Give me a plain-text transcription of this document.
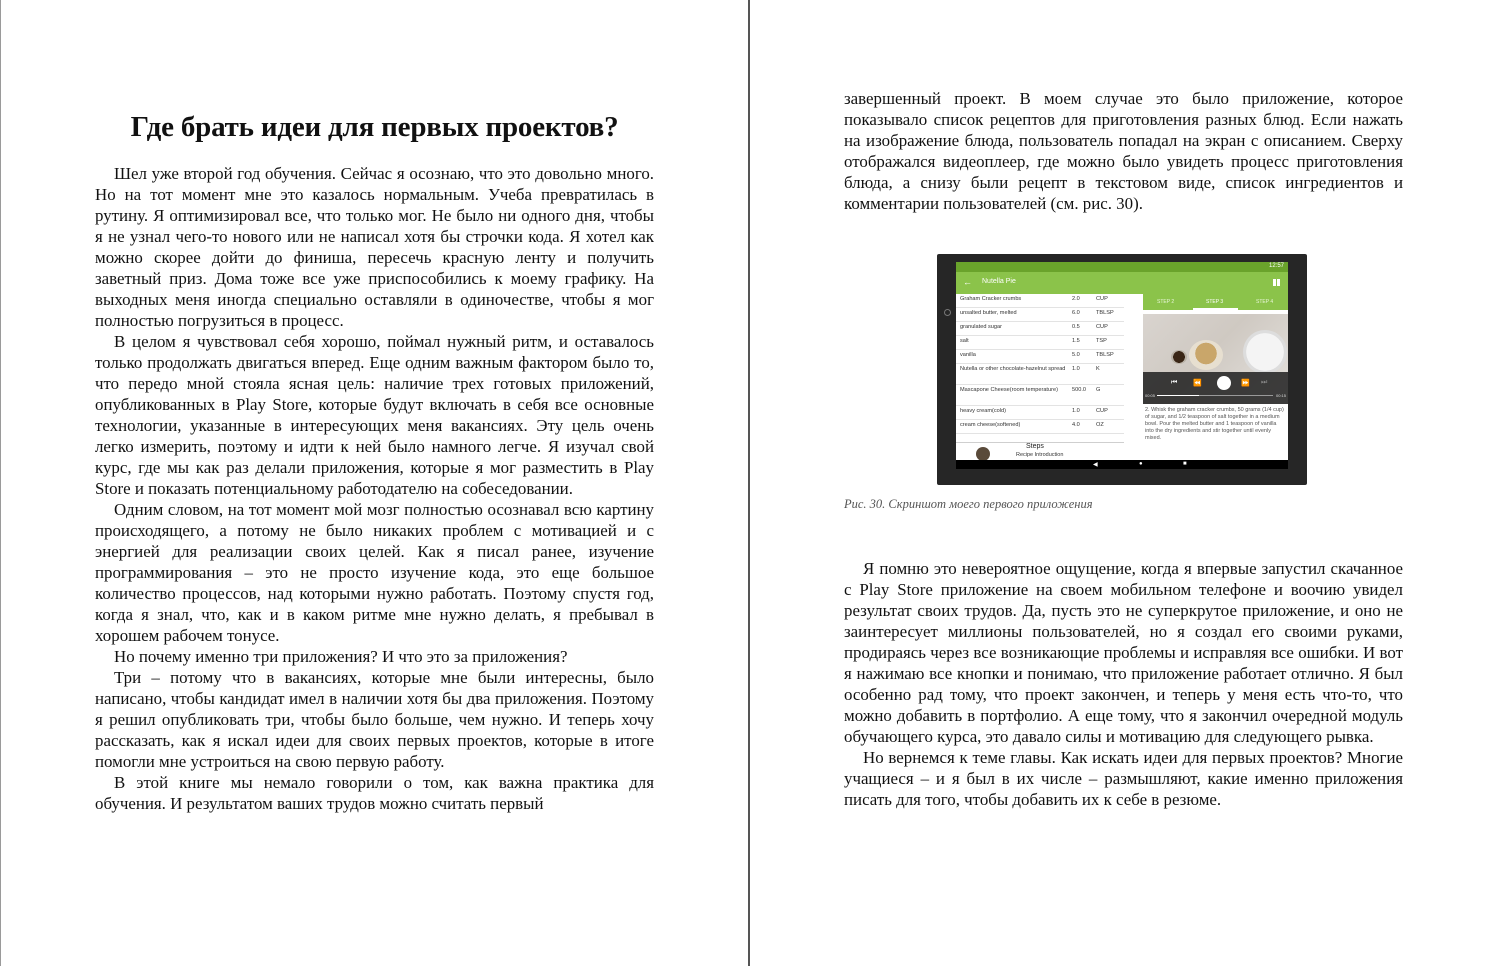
Где брать идеи для первых проектов?

Шел уже второй год обучения. Сейчас я осознаю, что это довольно много. Но на тот момент мне это казалось нормальным. Учеба превратилась в рутину. Я оптимизировал все, что только мог. Не было ни одного дня, чтобы я не узнал чего-то нового или не написал хотя бы строчки кода. Я хотел как можно скорее дойти до финиша, пересечь красную ленту и получить заветный приз. Дома тоже все уже приспособились к моему графику. На выходных меня иногда специально оставляли в одиночестве, чтобы я мог полностью погрузиться в процесс.

В целом я чувствовал себя хорошо, поймал нужный ритм, и оставалось только продолжать двигаться вперед. Еще одним важным фактором было то, что передо мной стояла ясная цель: наличие трех готовых приложений, опубликованных в Play Store, которые будут включать в себя все основные технологии, указанные в интересующих меня вакансиях. Эту цель очень легко измерить, поэтому и идти к ней было намного легче. Я изучал свой курс, где мы как раз делали приложения, которые я мог разместить в Play Store и показать потенциальному работодателю на собеседовании.

Одним словом, на тот момент мой мозг полностью осознавал всю картину происходящего, а потому не было никаких проблем с мотивацией и с энергией для реализации своих целей. Как я писал ранее, изучение программирования – это не просто изучение кода, это еще большое количество процессов, над которыми нужно работать. Поэтому спустя год, когда я знал, что, как и в каком ритме мне нужно делать, я пребывал в хорошем рабочем тонусе.

Но почему именно три приложения? И что это за приложения?

Три – потому что в вакансиях, которые мне были интересны, было написано, чтобы кандидат имел в наличии хотя бы два приложения. Поэтому я решил опубликовать три, чтобы было больше, чем нужно. И теперь хочу рассказать, как я искал идеи для своих первых проектов, которые в итоге помогли мне устроиться на свою первую работу.

В этой книге мы немало говорили о том, как важна практика для обучения. И результатом ваших трудов можно считать первый

завершенный проект. В моем случае это было приложение, которое показывало список рецептов для приготовления разных блюд. Если нажать на изображение блюда, пользователь попадал на экран с описанием. Сверху отображался видеоплеер, где можно было увидеть процесс приготовления блюда, а снизу были рецепт в текстовом виде, список ингредиентов и комментарии пользователей (см. рис. 30).

12:57
← Nutella Pie
Graham Cracker crumbs	2.0	CUP
unsalted butter, melted	6.0	TBLSP
granulated sugar	0.5	CUP
salt	1.5	TSP
vanilla	5.0	TBLSP
Nutella or other chocolate-hazelnut spread	1.0	K
Mascapone Cheese(room temperature)	500.0 G
heavy cream(cold)	1.0	CUP
cream cheese(softened)	4.0	OZ
Steps
Recipe Introduction
STEP 2	STEP 3	STEP 4
⏮ ⏪	⏩ ⏭
00:05	00:15
2. Whisk the graham cracker crumbs, 50 grams (1/4 cup) of sugar, and 1/2 teaspoon of salt together in a medium bowl. Pour the melted butter and 1 teaspoon of vanilla into the dry ingredients and stir together until evenly mixed.
◀	●	■
Рис. 30. Скриншот моего первого приложения

Я помню это невероятное ощущение, когда я впервые запустил скачанное с Play Store приложение на своем мобильном телефоне и воочию увидел результат своих трудов. Да, пусть это не суперкрутое приложение, и оно не заинтересует миллионы пользователей, но я создал его своими руками, продираясь через все возникающие проблемы и исправляя все ошибки. И вот я нажимаю все кнопки и понимаю, что приложение работает отлично. Я был особенно рад тому, что проект закончен, и теперь у меня есть что-то, что можно добавить в портфолио. А еще тому, что я закончил очередной модуль обучающего курса, это давало силы и мотивацию для следующего рывка.

Но вернемся к теме главы. Как искать идеи для первых проектов? Многие учащиеся – и я был в их числе – размышляют, какие именно приложения писать для того, чтобы добавить их к себе в резюме.
